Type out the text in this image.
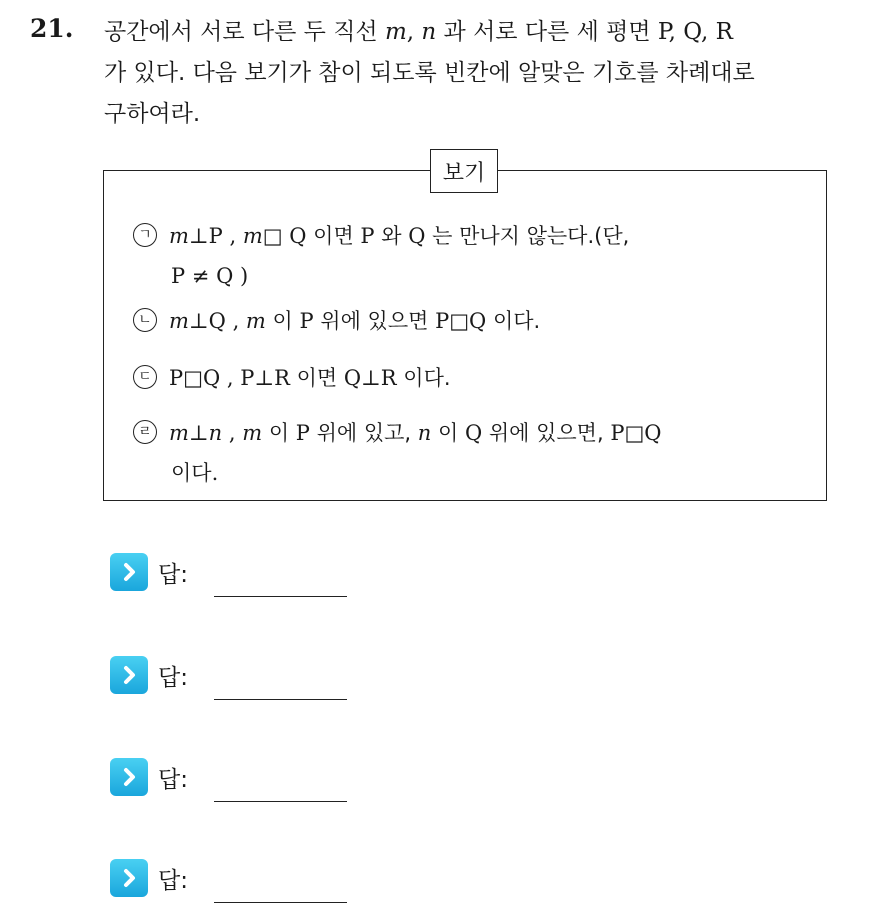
21. 공간에서 서로 다른 두 직선 m, n 과 서로 다른 세 평면 P, Q, R
가 있다. 다음 보기가 참이 되도록 빈칸에 알맞은 기호를 차례대로
구하여라.
보기
ㄱ m⊥P , m□ Q 이면 P 와 Q 는 만나지 않는다.(단,
P ≠ Q )
ㄴ m⊥Q , m 이 P 위에 있으면 P□Q 이다.
ㄷ P□Q , P⊥R 이면 Q⊥R 이다.
ㄹ m⊥n , m 이 P 위에 있고, n 이 Q 위에 있으면, P□Q
이다.
답:
답:
답:
답:
